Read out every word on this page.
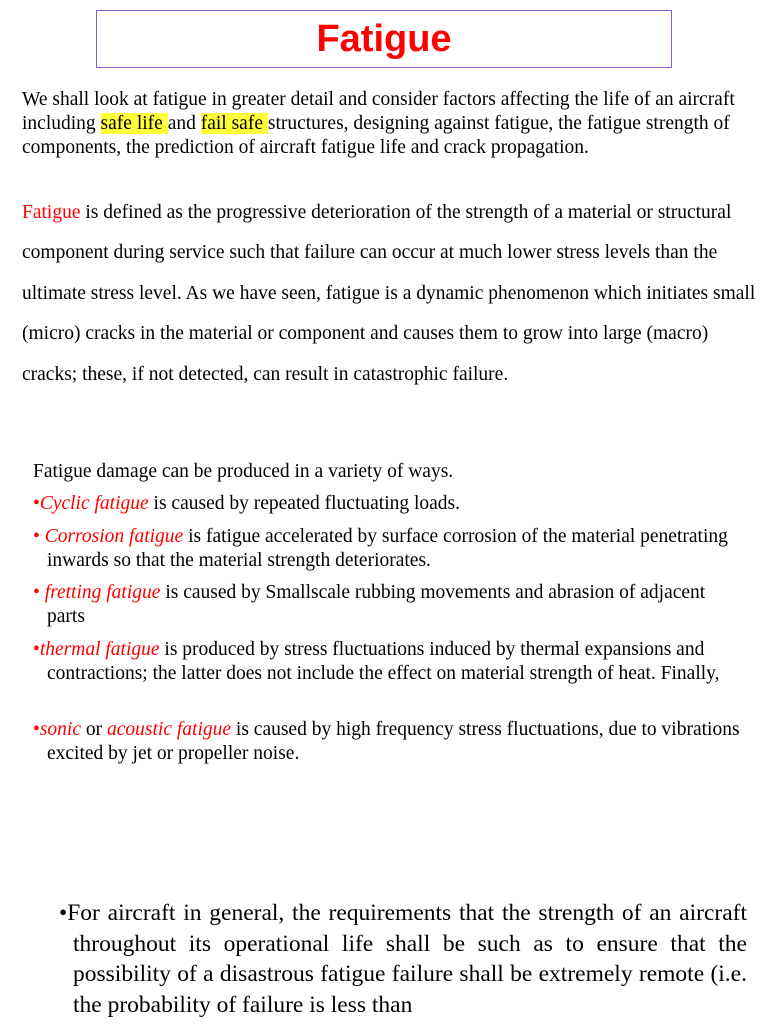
Fatigue

We shall look at fatigue in greater detail and consider factors affecting the life of an aircraft including safe life and fail safe structures, designing against fatigue, the fatigue strength of components, the prediction of aircraft fatigue life and crack propagation.

Fatigue is defined as the progressive deterioration of the strength of a material or structural component during service such that failure can occur at much lower stress levels than the ultimate stress level. As we have seen, fatigue is a dynamic phenomenon which initiates small (micro) cracks in the material or component and causes them to grow into large (macro) cracks; these, if not detected, can result in catastrophic failure.

Fatigue damage can be produced in a variety of ways.

•Cyclic fatigue is caused by repeated fluctuating loads.
• Corrosion fatigue is fatigue accelerated by surface corrosion of the material penetrating inwards so that the material strength deteriorates.
• fretting fatigue is caused by Smallscale rubbing movements and abrasion of adjacent parts
•thermal fatigue is produced by stress fluctuations induced by thermal expansions and contractions; the latter does not include the effect on material strength of heat. Finally,
•sonic or acoustic fatigue is caused by high frequency stress fluctuations, due to vibrations excited by jet or propeller noise.

•For aircraft in general, the requirements that the strength of an aircraft throughout its operational life shall be such as to ensure that the possibility of a disastrous fatigue failure shall be extremely remote (i.e. the probability of failure is less than
